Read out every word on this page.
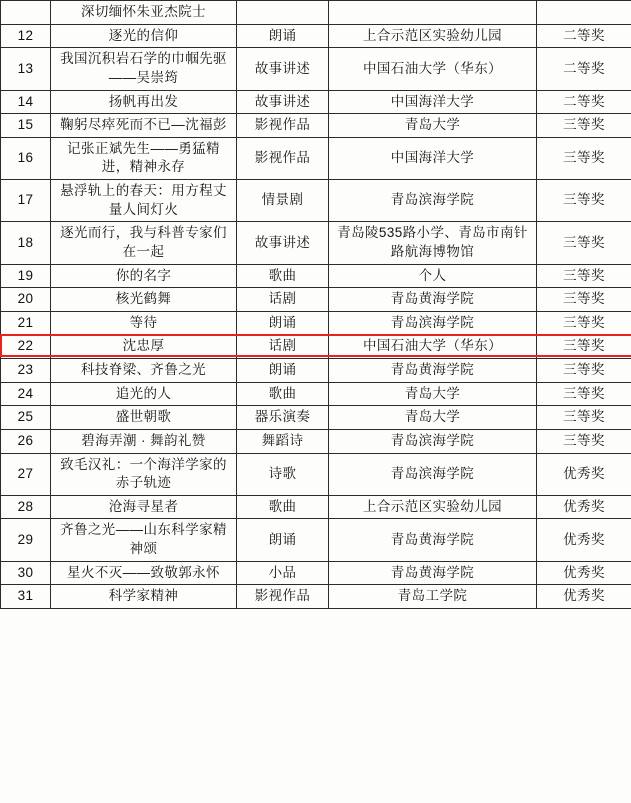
	深切缅怀朱亚杰院士			
12	逐光的信仰	朗诵	上合示范区实验幼儿园	二等奖
13	我国沉积岩石学的巾帼先驱——吴崇筠	故事讲述	中国石油大学（华东）	二等奖
14	扬帆再出发	故事讲述	中国海洋大学	二等奖
15	鞠躬尽瘁死而不已—沈福彭	影视作品	青岛大学	三等奖
16	记张正斌先生——勇猛精进，精神永存	影视作品	中国海洋大学	三等奖
17	悬浮轨上的春天：用方程丈量人间灯火	情景剧	青岛滨海学院	三等奖
18	逐光而行，我与科普专家们在一起	故事讲述	青岛陵535路小学、青岛市南针路航海博物馆	三等奖
19	你的名字	歌曲	个人	三等奖
20	核光鹤舞	话剧	青岛黄海学院	三等奖
21	等待	朗诵	青岛滨海学院	三等奖
22	沈忠厚	话剧	中国石油大学（华东）	三等奖
23	科技脊梁、齐鲁之光	朗诵	青岛黄海学院	三等奖
24	追光的人	歌曲	青岛大学	三等奖
25	盛世朝歌	器乐演奏	青岛大学	三等奖
26	碧海弄潮 · 舞韵礼赞	舞蹈诗	青岛滨海学院	三等奖
27	致毛汉礼：一个海洋学家的赤子轨迹	诗歌	青岛滨海学院	优秀奖
28	沧海寻星者	歌曲	上合示范区实验幼儿园	优秀奖
29	齐鲁之光——山东科学家精神颂	朗诵	青岛黄海学院	优秀奖
30	星火不灭——致敬郭永怀	小品	青岛黄海学院	优秀奖
31	科学家精神	影视作品	青岛工学院	优秀奖
